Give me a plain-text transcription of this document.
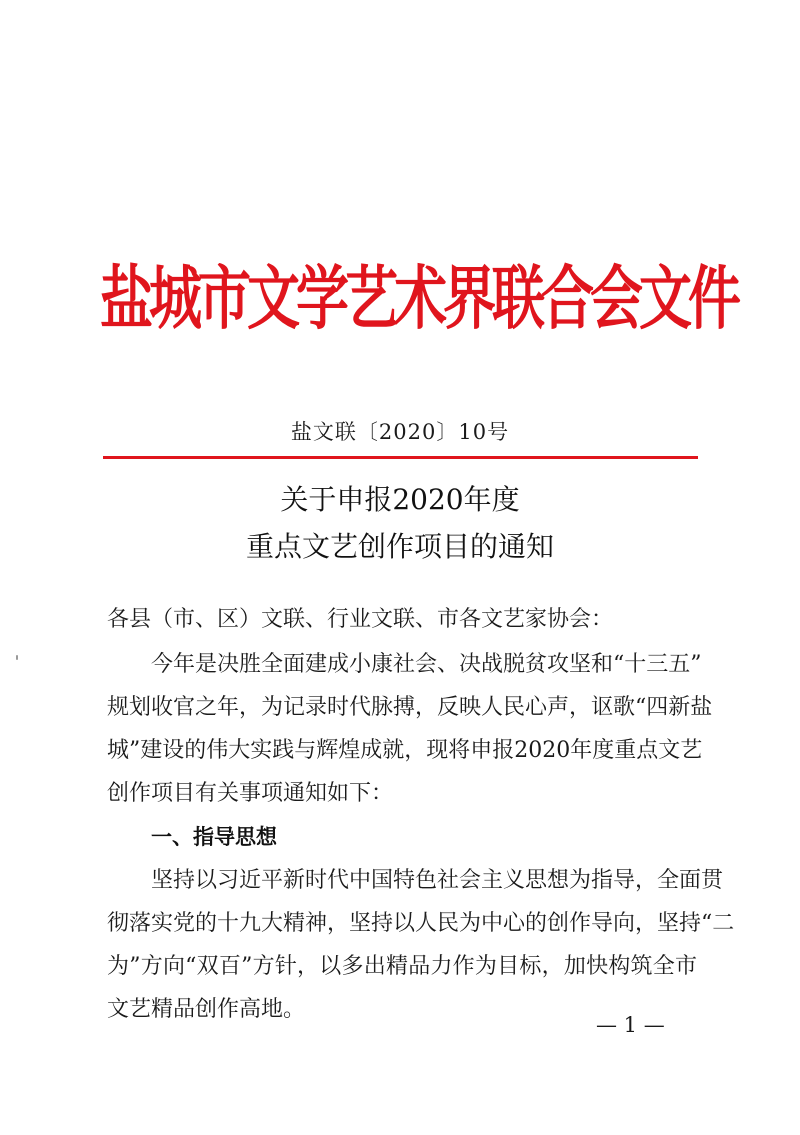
盐城市文学艺术界联合会文件
盐文联〔2020〕10号
关于申报2020年度
重点文艺创作项目的通知
各县（市、区）文联、行业文联、市各文艺家协会：
今年是决胜全面建成小康社会、决战脱贫攻坚和“十三五”
规划收官之年，为记录时代脉搏，反映人民心声，讴歌“四新盐
城”建设的伟大实践与辉煌成就，现将申报2020年度重点文艺
创作项目有关事项通知如下：
一、指导思想
坚持以习近平新时代中国特色社会主义思想为指导，全面贯
彻落实党的十九大精神，坚持以人民为中心的创作导向，坚持“二
为”方向“双百”方针，以多出精品力作为目标，加快构筑全市
文艺精品创作高地。
— 1 —
